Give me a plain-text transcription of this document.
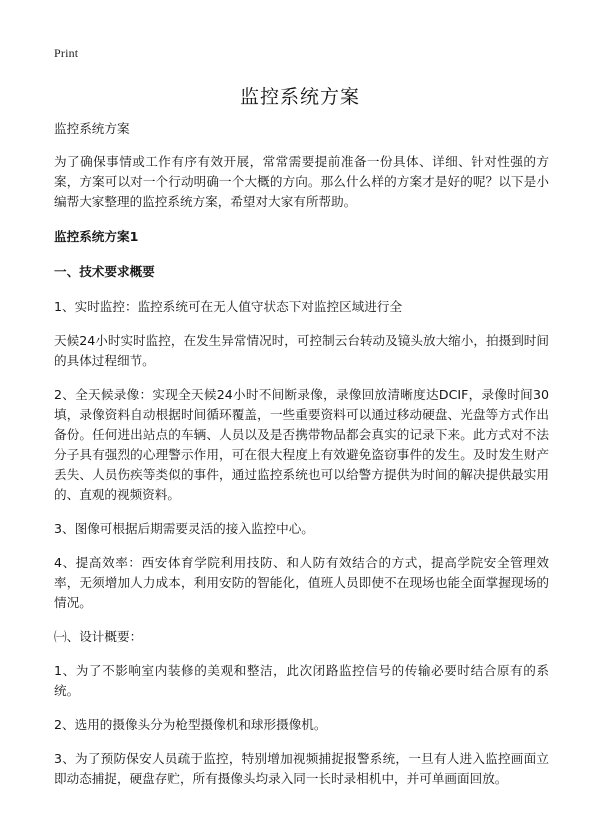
Print
监控系统方案

监控系统方案

为了确保事情或工作有序有效开展，常常需要提前准备一份具体、详细、针对性强的方案，方案可以对一个行动明确一个大概的方向。那么什么样的方案才是好的呢？以下是小编帮大家整理的监控系统方案，希望对大家有所帮助。

监控系统方案1

一、技术要求概要

1、实时监控：监控系统可在无人值守状态下对监控区域进行全

天候24小时实时监控，在发生异常情况时，可控制云台转动及镜头放大缩小，拍摄到时间的具体过程细节。

2、全天候录像：实现全天候24小时不间断录像，录像回放清晰度达DCIF，录像时间30填，录像资料自动根据时间循环覆盖，一些重要资料可以通过移动硬盘、光盘等方式作出备份。任何进出站点的车辆、人员以及是否携带物品都会真实的记录下来。此方式对不法分子具有强烈的心理警示作用，可在很大程度上有效避免盗窃事件的发生。及时发生财产丢失、人员伤疾等类似的事件，通过监控系统也可以给警方提供为时间的解决提供最实用的、直观的视频资料。

3、图像可根据后期需要灵活的接入监控中心。

4、提高效率：西安体育学院利用技防、和人防有效结合的方式，提高学院安全管理效率，无须增加人力成本，利用安防的智能化，值班人员即使不在现场也能全面掌握现场的情况。

㈠、设计概要：

1、为了不影响室内装修的美观和整洁，此次闭路监控信号的传输必要时结合原有的系统。

2、选用的摄像头分为枪型摄像机和球形摄像机。

3、为了预防保安人员疏于监控，特别增加视频捕捉报警系统，一旦有人进入监控画面立即动态捕捉，硬盘存贮，所有摄像头均录入同一长时录相机中，并可单画面回放。
